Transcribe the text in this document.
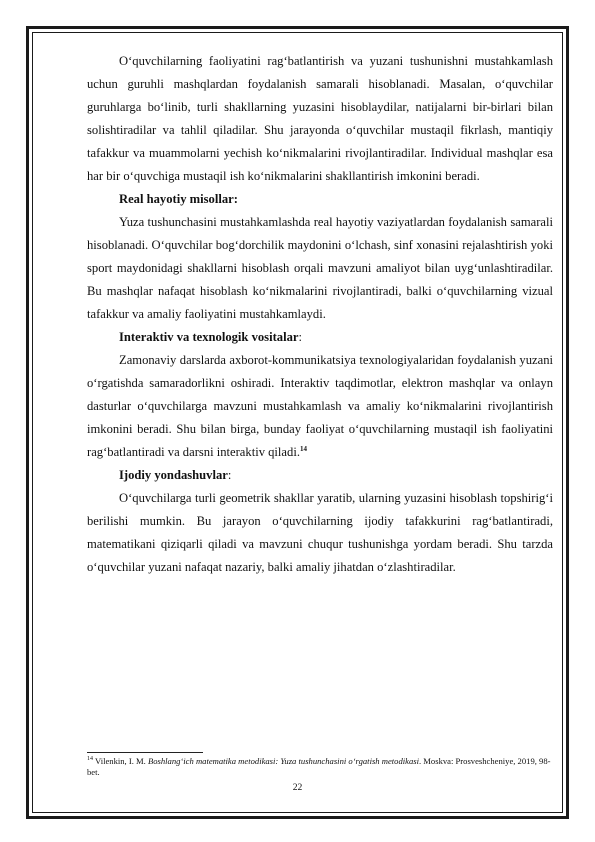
O‘quvchilarning faoliyatini rag‘batlantirish va yuzani tushunishni mustahkamlash uchun guruhli mashqlardan foydalanish samarali hisoblanadi. Masalan, o‘quvchilar guruhlarga bo‘linib, turli shakllarning yuzasini hisoblaydilar, natijalarni bir-birlari bilan solishtiradilar va tahlil qiladilar. Shu jarayonda o‘quvchilar mustaqil fikrlash, mantiqiy tafakkur va muammolarni yechish ko‘nikmalarini rivojlantiradilar. Individual mashqlar esa har bir o‘quvchiga mustaqil ish ko‘nikmalarini shakllantirish imkonini beradi.

Real hayotiy misollar:

Yuza tushunchasini mustahkamlashda real hayotiy vaziyatlardan foydalanish samarali hisoblanadi. O‘quvchilar bog‘dorchilik maydonini o‘lchash, sinf xonasini rejalashtirish yoki sport maydonidagi shakllarni hisoblash orqali mavzuni amaliyot bilan uyg‘unlashtiradilar. Bu mashqlar nafaqat hisoblash ko‘nikmalarini rivojlantiradi, balki o‘quvchilarning vizual tafakkur va amaliy faoliyatini mustahkamlaydi.

Interaktiv va texnologik vositalar:

Zamonaviy darslarda axborot-kommunikatsiya texnologiyalaridan foydalanish yuzani o‘rgatishda samaradorlikni oshiradi. Interaktiv taqdimotlar, elektron mashqlar va onlayn dasturlar o‘quvchilarga mavzuni mustahkamlash va amaliy ko‘nikmalarini rivojlantirish imkonini beradi. Shu bilan birga, bunday faoliyat o‘quvchilarning mustaqil ish faoliyatini rag‘batlantiradi va darsni interaktiv qiladi.$^{14}$

Ijodiy yondashuvlar:

O‘quvchilarga turli geometrik shakllar yaratib, ularning yuzasini hisoblash topshirig‘i berilishi mumkin. Bu jarayon o‘quvchilarning ijodiy tafakkurini rag‘batlantiradi, matematikani qiziqarli qiladi va mavzuni chuqur tushunishga yordam beradi. Shu tarzda o‘quvchilar yuzani nafaqat nazariy, balki amaliy jihatdan o‘zlashtiradilar.

$^{14}$ Vilenkin, I. M. Boshlang‘ich matematika metodikasi: Yuza tushunchasini o‘rgatish metodikasi. Moskva: Prosveshcheniye, 2019, 98-bet.
22
